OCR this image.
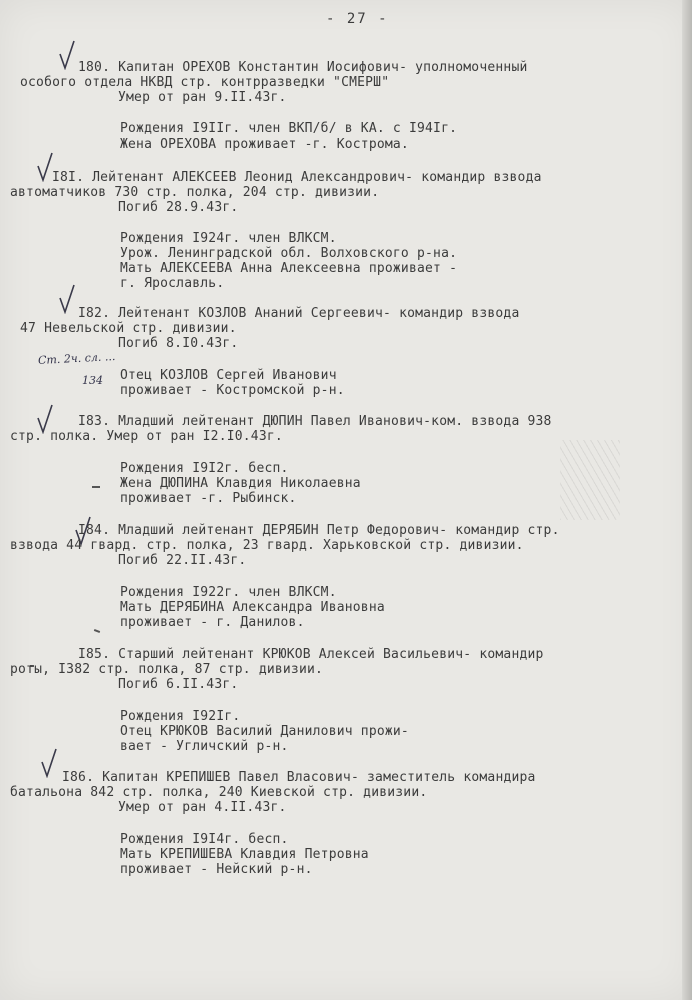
- 27 -
Ст. 2ч. сл. ...
134
180. Капитан ОРЕХОВ Константин Иосифович- уполномоченный
особого отдела НКВД стр. контрразведки "СМЕРШ"
Умер от ран 9.II.43г.
Рождения I9IIг. член ВКП/б/ в КА. с I94Iг.
Жена ОРЕХОВА проживает -г. Кострома.
I8I. Лейтенант АЛЕКСЕЕВ Леонид Александрович- командир взвода
автоматчиков 730 стр. полка, 204 стр. дивизии.
Погиб 28.9.43г.
Рождения I924г. член ВЛКСМ.
Урож. Ленинградской обл. Волховского р-на.
Мать АЛЕКСЕЕВА Анна Алексеевна проживает -
г. Ярославль.
I82. Лейтенант КОЗЛОВ Ананий Сергеевич- командир взвода
47 Невельской стр. дивизии.
Погиб 8.I0.43г.
Отец КОЗЛОВ Сергей Иванович
проживает - Костромской р-н.
I83. Младший лейтенант ДЮПИН Павел Иванович-ком. взвода 938
стр. полка. Умер от ран I2.I0.43г.
Рождения I9I2г. бесп.
Жена ДЮПИНА Клавдия Николаевна
проживает -г. Рыбинск.
I84. Младший лейтенант ДЕРЯБИН Петр Федорович- командир стр.
взвода 44 гвард. стр. полка, 23 гвард. Харьковской стр. дивизии.
Погиб 22.II.43г.
Рождения I922г. член ВЛКСМ.
Мать ДЕРЯБИНА Александра Ивановна
проживает - г. Данилов.
I85. Старший лейтенант КРЮКОВ Алексей Васильевич- командир
роты, I382 стр. полка, 87 стр. дивизии.
Погиб 6.II.43г.
Рождения I92Iг.
Отец КРЮКОВ Василий Данилович прожи-
вает - Угличский р-н.
I86. Капитан КРЕПИШЕВ Павел Власович- заместитель командира
батальона 842 стр. полка, 240 Киевской стр. дивизии.
Умер от ран 4.II.43г.
Рождения I9I4г. бесп.
Мать КРЕПИШЕВА Клавдия Петровна
проживает - Нейский р-н.
